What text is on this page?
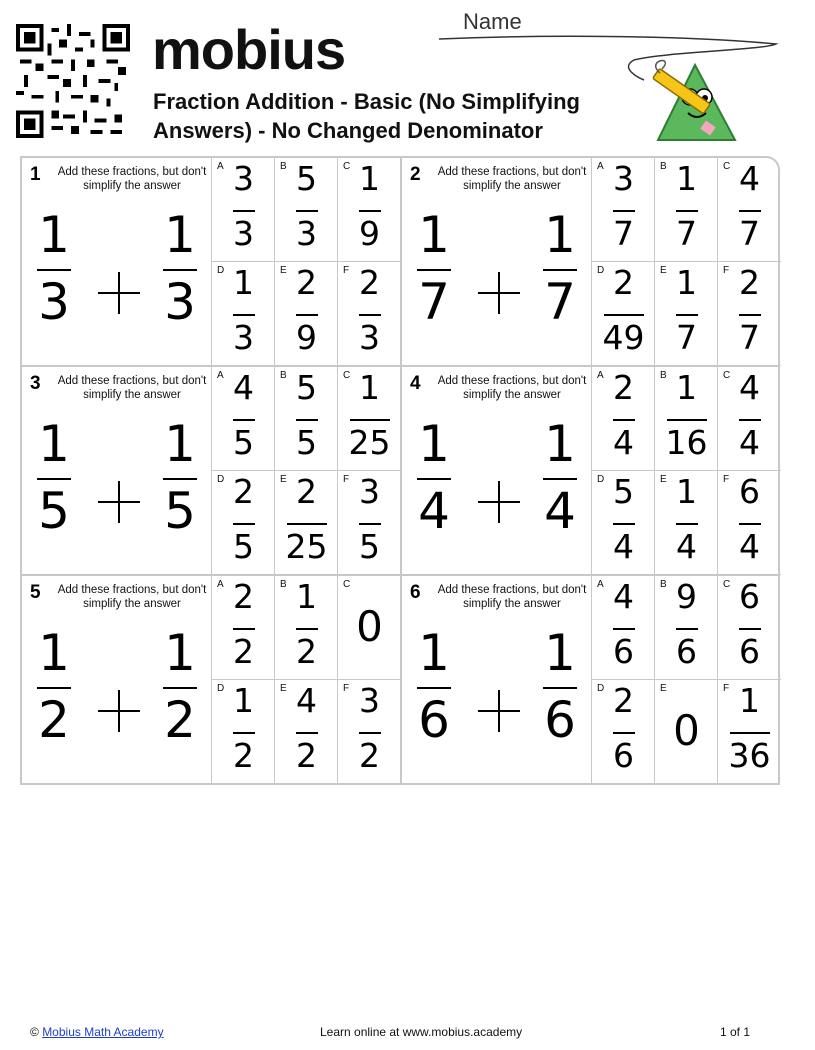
mobius
Fraction Addition - Basic (No Simplifying Answers) - No Changed Denominator
Name
1	Add these fractions, but don't simplify the answer
1
3
1
3
A 3
3
B 5
3
C 1
9
D 1
3
E 2
9
F 2
3
2	Add these fractions, but don't simplify the answer
1
7
1
7
A 3
7
B 1
7
C 4
7
D 2
49
E 1
7
F 2
7
3	Add these fractions, but don't simplify the answer
1
5
1
5
A 4
5
B 5
5
C 1
25
D 2
5
E 2
25
F 3
5
4	Add these fractions, but don't simplify the answer
1
4
1
4
A 2
4
B 1
16
C 4
4
D 5
4
E 1
4
F 6
4
5	Add these fractions, but don't simplify the answer
1
2
1
2
A 2
2
B 1
2
C
0
D 1
2
E 4
2
F 3
2
6	Add these fractions, but don't simplify the answer
1
6
1
6
A 4
6
B 9
6
C 6
6
D 2
6
E
0
F 1
36
© Mobius Math Academy	Learn online at www.mobius.academy	1 of 1
